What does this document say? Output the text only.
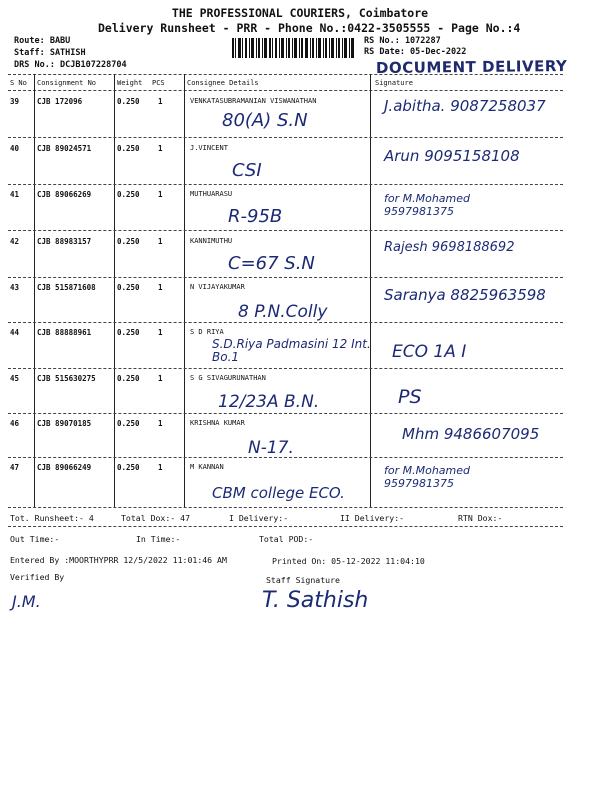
THE PROFESSIONAL COURIERS, Coimbatore
Delivery Runsheet - PRR - Phone No.:0422-3505555 - Page No.:4
Route: BABU
Staff: SATHISH
DRS No.: DCJB107228704
RS No.: 1072287
RS Date: 05-Dec-2022
DOCUMENT DELIVERY
S No Consignment No	Weight PCS	Consignee Details	Signature
39 CJB 172096	0.250 1	VENKATASUBRAMANIAN VISWANATHAN
80(A) S.N
J.abitha. 9087258037
40 CJB 89024571	0.250 1	J.VINCENT
CSI
Arun 9095158108
41 CJB 89066269	0.250 1	MUTHUARASU
R-95B
for M.Mohamed 9597981375
42 CJB 88983157	0.250 1	KANNIMUTHU
C=67 S.N
Rajesh 9698188692
43 CJB 515871608	0.250 1	N VIJAYAKUMAR
8 P.N.Colly
Saranya 8825963598
44 CJB 88888961	0.250 1	S D RIYA
S.D.Riya Padmasini 12 Int. Bo.1	ECO 1A I
45 CJB 515630275	0.250 1	S G SIVAGURUNATHAN
12/23A B.N.	PS
46 CJB 89070185	0.250 1	KRISHNA KUMAR
N-17.
Mhm 9486607095
47 CJB 89066249	0.250 1	M KANNAN
CBM college ECO.
for M.Mohamed 9597981375
Tot. Runsheet:- 4	Total Dox:- 47	I Delivery:-	II Delivery:-	RTN Dox:-
Out Time:-	In Time:-	Total POD:-
Entered By :MOORTHYPRR 12/5/2022 11:01:46 AM	Printed On: 05-12-2022 11:04:10
Verified By	Staff Signature
J.M.	T. Sathish
